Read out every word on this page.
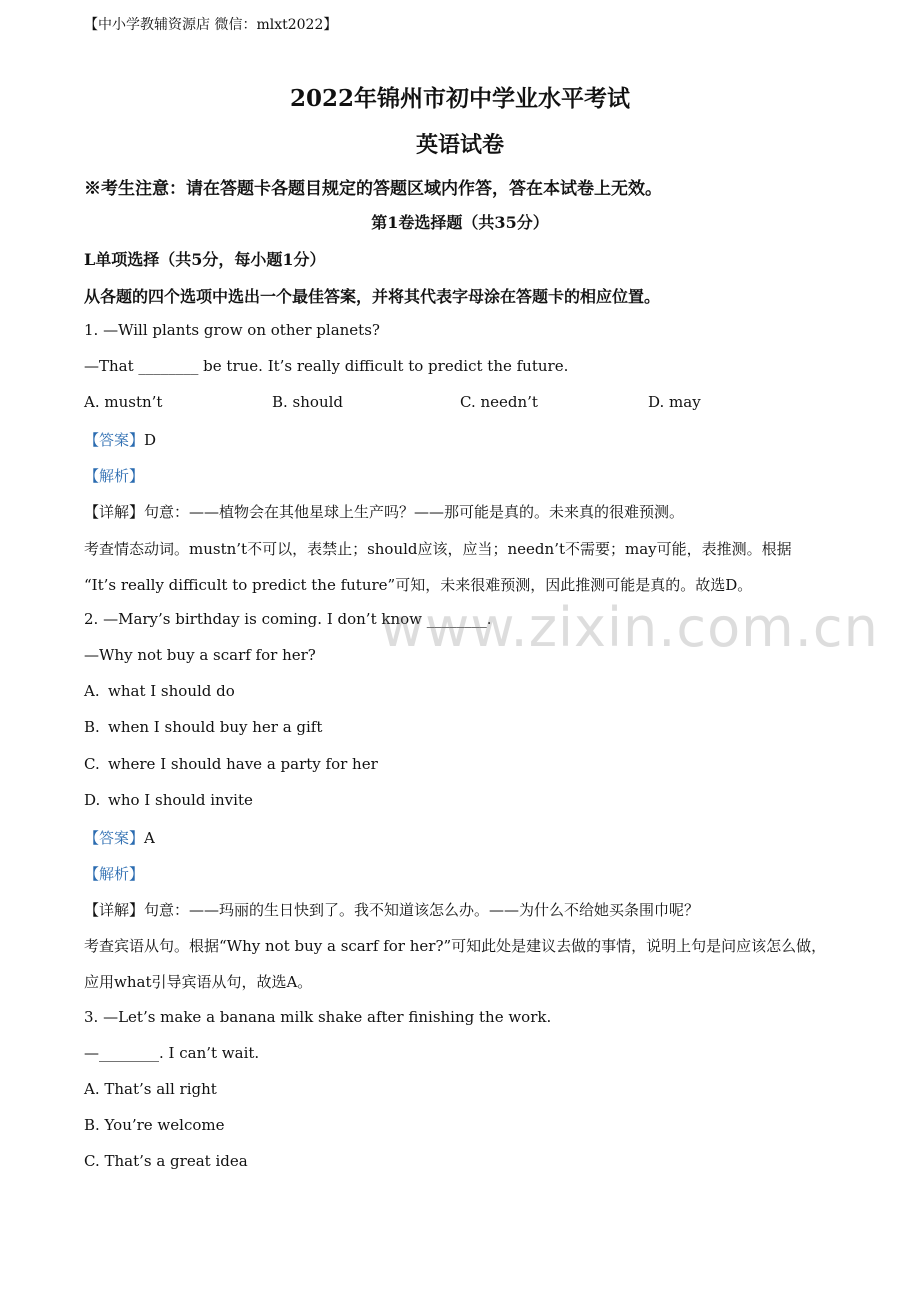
【中小学教辅资源店 微信：mlxt2022】
2022年锦州市初中学业水平考试
英语试卷
※考生注意：请在答题卡各题目规定的答题区域内作答，答在本试卷上无效。
第1卷选择题（共35分）
L单项选择（共5分，每小题1分）
从各题的四个选项中选出一个最佳答案，并将其代表字母涂在答题卡的相应位置。
1. —Will plants grow on other planets?
—That ________ be true. It’s really difficult to predict the future.
A. mustn’t	B. should	C. needn’t	D. may
【答案】D
【解析】
【详解】句意：——植物会在其他星球上生产吗？——那可能是真的。未来真的很难预测。
考查情态动词。mustn’t不可以，表禁止；should应该，应当；needn’t不需要；may可能，表推测。根据
“It’s really difficult to predict the future”可知，未来很难预测，因此推测可能是真的。故选D。
2. —Mary’s birthday is coming. I don’t know ________.
—Why not buy a scarf for her?
A. what I should do
B. when I should buy her a gift
C. where I should have a party for her
D. who I should invite
【答案】A
【解析】
【详解】句意：——玛丽的生日快到了。我不知道该怎么办。——为什么不给她买条围巾呢？
考查宾语从句。根据“Why not buy a scarf for her?”可知此处是建议去做的事情，说明上句是问应该怎么做，
应用what引导宾语从句，故选A。
3. —Let’s make a banana milk shake after finishing the work.
—________. I can’t wait.
A. That’s all right
B. You’re welcome
C. That’s a great idea
www.zixin.com.cn
